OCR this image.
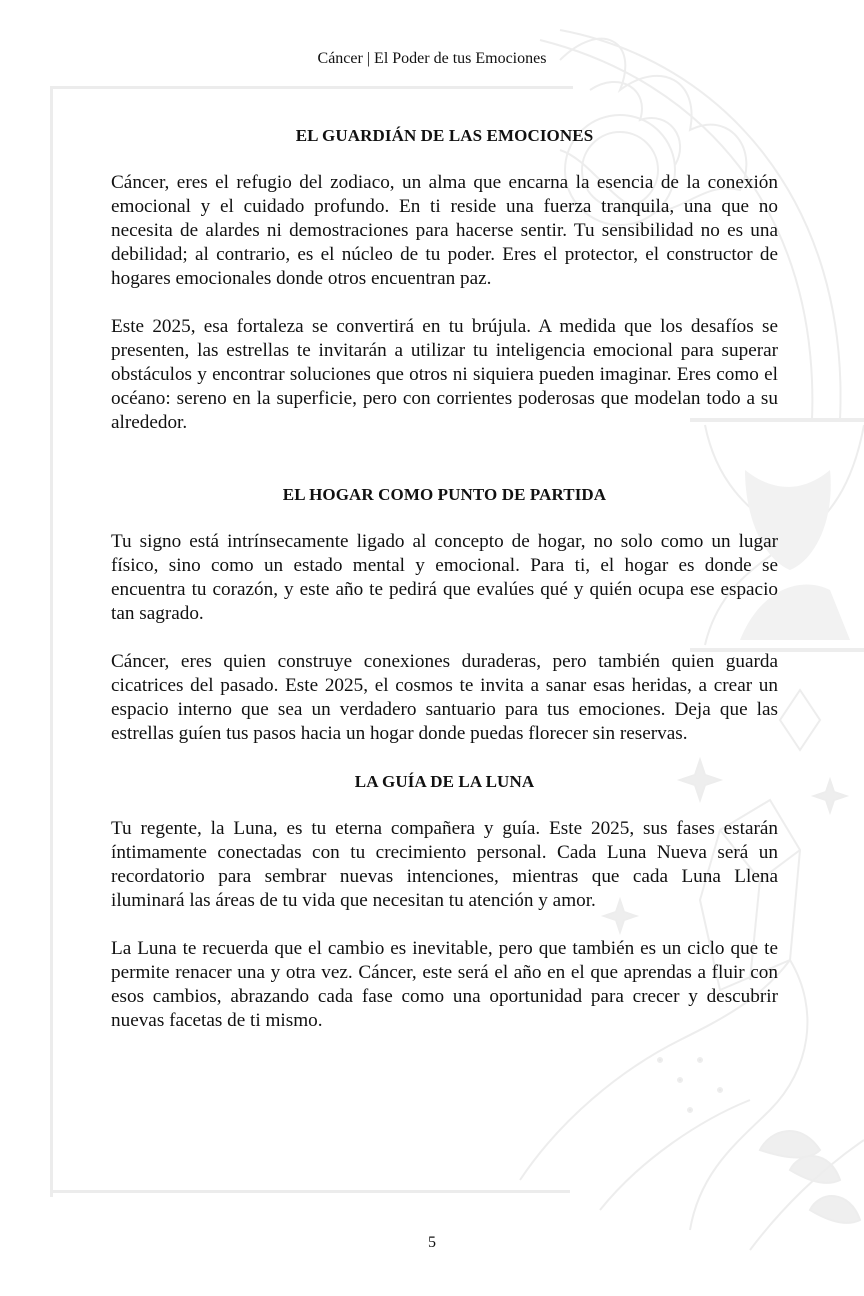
Cáncer | El Poder de tus Emociones
EL GUARDIÁN DE LAS EMOCIONES

Cáncer, eres el refugio del zodiaco, un alma que encarna la esencia de la conexión emocional y el cuidado profundo. En ti reside una fuerza tranquila, una que no necesita de alardes ni demostraciones para hacerse sentir. Tu sensibilidad no es una debilidad; al contrario, es el núcleo de tu poder. Eres el protector, el constructor de hogares emocionales donde otros encuentran paz.

Este 2025, esa fortaleza se convertirá en tu brújula. A medida que los desafíos se presenten, las estrellas te invitarán a utilizar tu inteligencia emocional para superar obstáculos y encontrar soluciones que otros ni siquiera pueden imaginar. Eres como el océano: sereno en la superficie, pero con corrientes poderosas que modelan todo a su alrededor.

EL HOGAR COMO PUNTO DE PARTIDA

Tu signo está intrínsecamente ligado al concepto de hogar, no solo como un lugar físico, sino como un estado mental y emocional. Para ti, el hogar es donde se encuentra tu corazón, y este año te pedirá que evalúes qué y quién ocupa ese espacio tan sagrado.

Cáncer, eres quien construye conexiones duraderas, pero también quien guarda cicatrices del pasado. Este 2025, el cosmos te invita a sanar esas heridas, a crear un espacio interno que sea un verdadero santuario para tus emociones. Deja que las estrellas guíen tus pasos hacia un hogar donde puedas florecer sin reservas.

LA GUÍA DE LA LUNA

Tu regente, la Luna, es tu eterna compañera y guía. Este 2025, sus fases estarán íntimamente conectadas con tu crecimiento personal. Cada Luna Nueva será un recordatorio para sembrar nuevas intenciones, mientras que cada Luna Llena iluminará las áreas de tu vida que necesitan tu atención y amor.

La Luna te recuerda que el cambio es inevitable, pero que también es un ciclo que te permite renacer una y otra vez. Cáncer, este será el año en el que aprendas a fluir con esos cambios, abrazando cada fase como una oportunidad para crecer y descubrir nuevas facetas de ti mismo.

5
